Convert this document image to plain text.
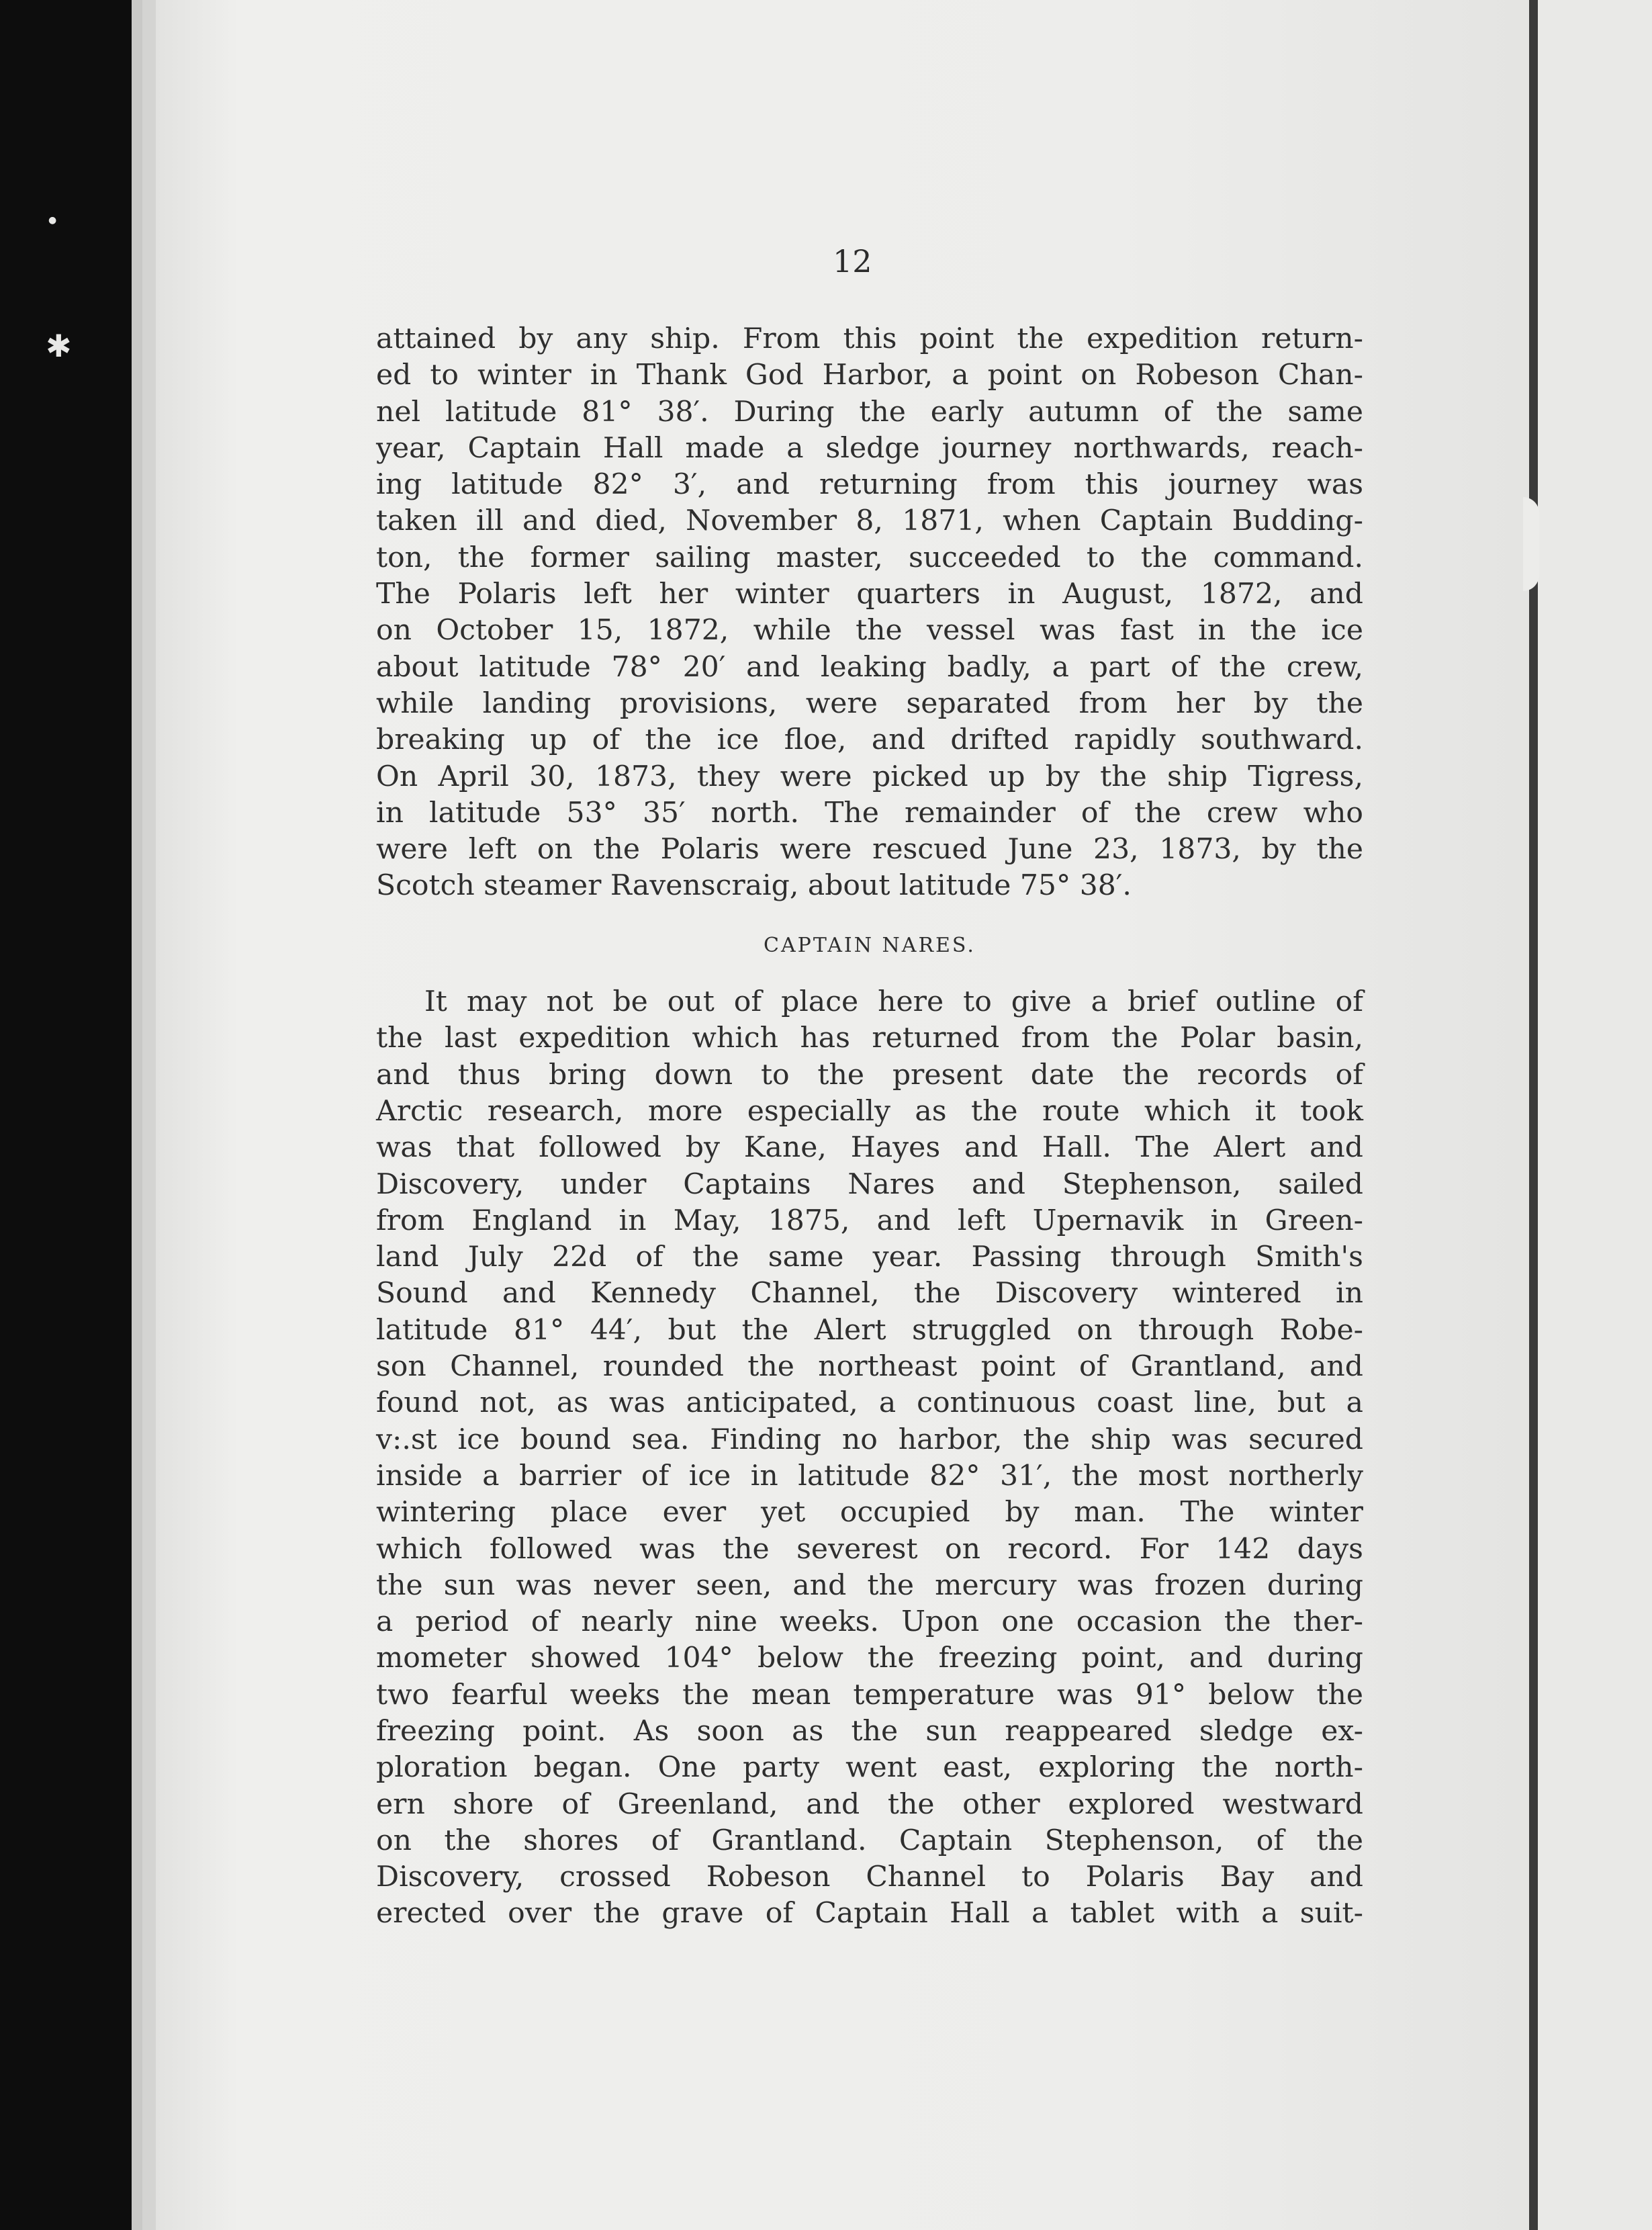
✱
●
12
attained by any ship. From this point the expedition return-
ed to winter in Thank God Harbor, a point on Robeson Chan-
nel latitude 81° 38′. During the early autumn of the same
year, Captain Hall made a sledge journey northwards, reach-
ing latitude 82° 3′, and returning from this journey was
taken ill and died, November 8, 1871, when Captain Budding-
ton, the former sailing master, succeeded to the command.
The Polaris left her winter quarters in August, 1872, and
on October 15, 1872, while the vessel was fast in the ice
about latitude 78° 20′ and leaking badly, a part of the crew,
while landing provisions, were separated from her by the
breaking up of the ice floe, and drifted rapidly southward.
On April 30, 1873, they were picked up by the ship Tigress,
in latitude 53° 35′ north. The remainder of the crew who
were left on the Polaris were rescued June 23, 1873, by the
Scotch steamer Ravenscraig, about latitude 75° 38′.
CAPTAIN NARES.
It may not be out of place here to give a brief outline of
the last expedition which has returned from the Polar basin,
and thus bring down to the present date the records of
Arctic research, more especially as the route which it took
was that followed by Kane, Hayes and Hall. The Alert and
Discovery, under Captains Nares and Stephenson, sailed
from England in May, 1875, and left Upernavik in Green-
land July 22d of the same year. Passing through Smith's
Sound and Kennedy Channel, the Discovery wintered in
latitude 81° 44′, but the Alert struggled on through Robe-
son Channel, rounded the northeast point of Grantland, and
found not, as was anticipated, a continuous coast line, but a
v:.st ice bound sea. Finding no harbor, the ship was secured
inside a barrier of ice in latitude 82° 31′, the most northerly
wintering place ever yet occupied by man. The winter
which followed was the severest on record. For 142 days
the sun was never seen, and the mercury was frozen during
a period of nearly nine weeks. Upon one occasion the ther-
mometer showed 104° below the freezing point, and during
two fearful weeks the mean temperature was 91° below the
freezing point. As soon as the sun reappeared sledge ex-
ploration began. One party went east, exploring the north-
ern shore of Greenland, and the other explored westward
on the shores of Grantland. Captain Stephenson, of the
Discovery, crossed Robeson Channel to Polaris Bay and
erected over the grave of Captain Hall a tablet with a suit-
